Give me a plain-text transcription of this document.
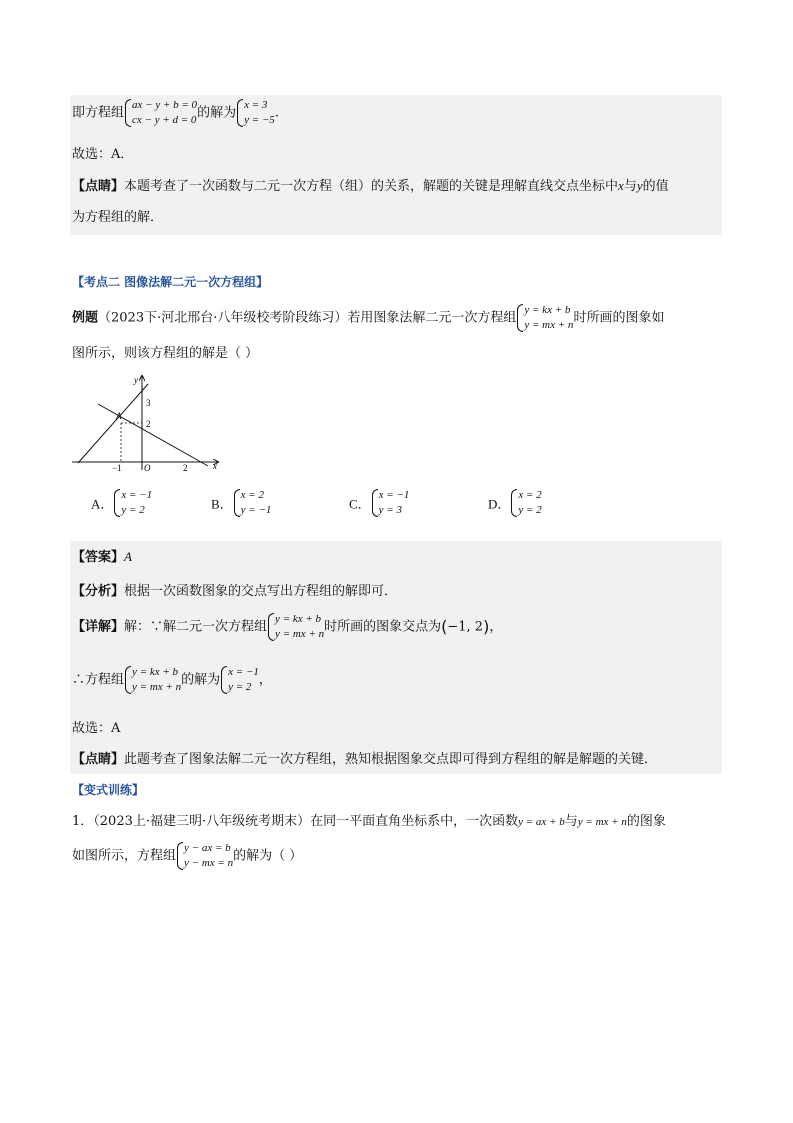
即方程组
ax − y + b = 0
cx − y + d = 0 的解为
x = 3
y = −5 .
故选：A．
【点睛】本题考查了一次函数与二元一次方程（组）的关系，解题的关键是理解直线交点坐标中x与y的值
为方程组的解．
【考点二 图像法解二元一次方程组】
例题（2023下·河北邢台·八年级校考阶段练习）若用图象法解二元一次方程组
y = kx + b
y = mx + n 时所画的图象如
图所示，则该方程组的解是（ ）
y
x
A
O
3
2
−1	2
A．
x = −1
y = 2	B．
x = 2
y = −1	C．
x = −1
y = 3	D．
x = 2
y = 2
【答案】A
【分析】根据一次函数图象的交点写出方程组的解即可．
【详解】解：∵解二元一次方程组
y = kx + b
y = mx + n 时所画的图象交点为(−1, 2)，
∴方程组
y = kx + b
y = mx + n 的解为
x = −1
y = 2 ，
故选：A
【点睛】此题考查了图象法解二元一次方程组，熟知根据图象交点即可得到方程组的解是解题的关键．
【变式训练】
1．（2023上·福建三明·八年级统考期末）在同一平面直角坐标系中，一次函数y = ax + b与y = mx + n的图象
如图所示，方程组
y − ax = b
y − mx = n 的解为（ ）
